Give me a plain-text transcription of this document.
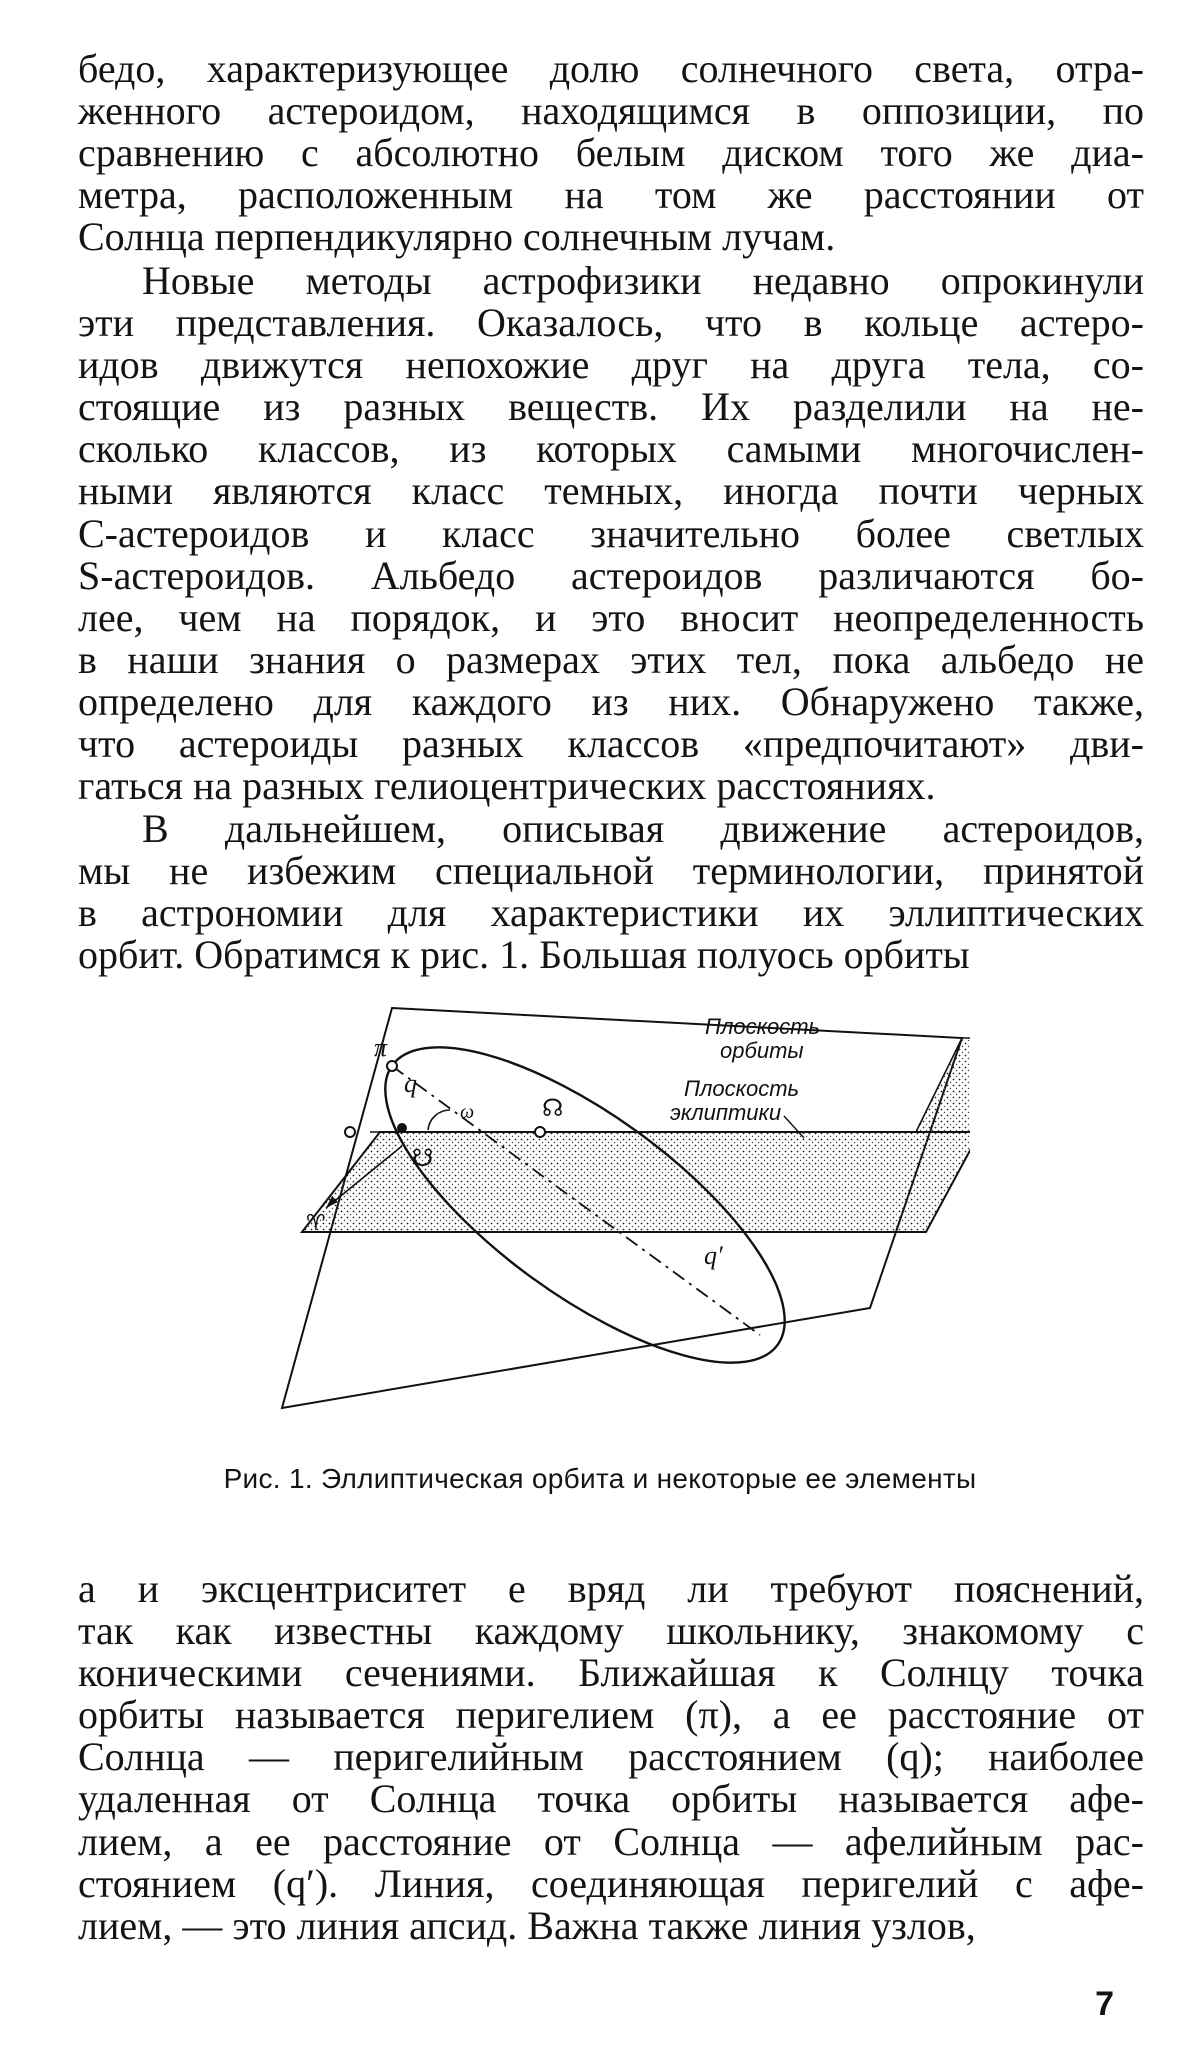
бедо, характеризующее долю солнечного света, отра-
женного астероидом, находящимся в оппозиции, по
сравнению с абсолютно белым диском того же диа-
метра, расположенным на том же расстоянии от
Солнца перпендикулярно солнечным лучам.
Новые методы астрофизики недавно опрокинули
эти представления. Оказалось, что в кольце астеро-
идов движутся непохожие друг на друга тела, со-
стоящие из разных веществ. Их разделили на не-
сколько классов, из которых самыми многочислен-
ными являются класс темных, иногда почти черных
C-астероидов и класс значительно более светлых
S-астероидов. Альбедо астероидов различаются бо-
лее, чем на порядок, и это вносит неопределенность
в наши знания о размерах этих тел, пока альбедо не
определено для каждого из них. Обнаружено также,
что астероиды разных классов «предпочитают» дви-
гаться на разных гелиоцентрических расстояниях.
В дальнейшем, описывая движение астероидов,
мы не избежим специальной терминологии, принятой
в астрономии для характеристики их эллиптических
орбит. Обратимся к рис. 1. Большая полуось орбиты
Плоскость
орбиты
Плоскость
эклиптики
π
q
ω	☊
☋
♈
q′
Рис. 1. Эллиптическая орбита и некоторые ее элементы
a и эксцентриситет e вряд ли требуют пояснений,
так как известны каждому школьнику, знакомому с
коническими сечениями. Ближайшая к Солнцу точка
орбиты называется перигелием (π), а ее расстояние от
Солнца — перигелийным расстоянием (q); наиболее
удаленная от Солнца точка орбиты называется афе-
лием, а ее расстояние от Солнца — афелийным рас-
стоянием (q′). Линия, соединяющая перигелий с афе-
лием, — это линия апсид. Важна также линия узлов,
7
